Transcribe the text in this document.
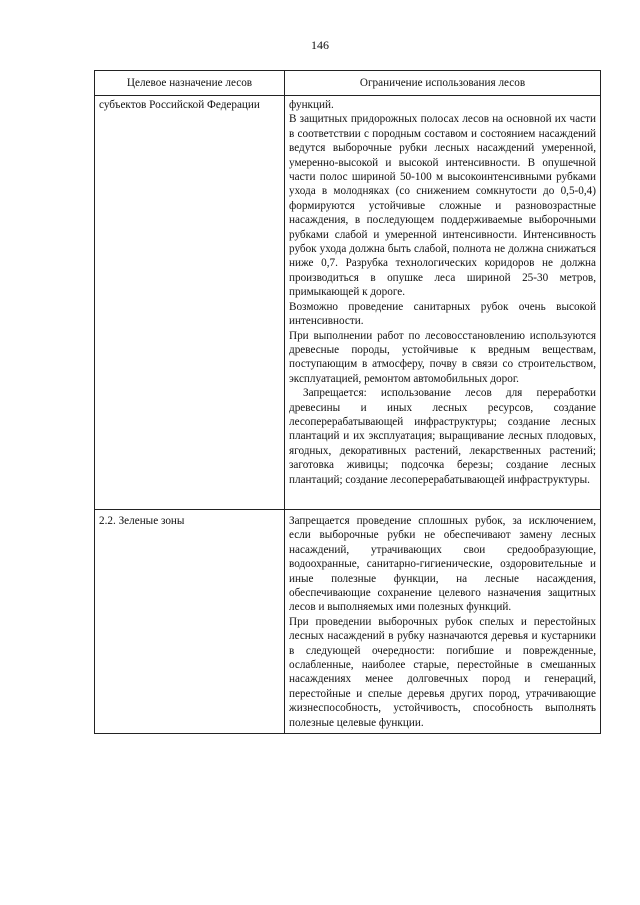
146
Целевое назначение лесов	Ограничение использования лесов
субъектов Российской Федерации	функций.

В защитных придорожных полосах лесов на основной их части в соответствии с породным составом и состоянием насаждений ведутся выборочные рубки лесных насаждений умеренной, умеренно-высокой и высокой интенсивности. В опушечной части полос шириной 50-100 м высокоинтенсивными рубками ухода в молодняках (со снижением сомкнутости до 0,5-0,4) формируются устойчивые сложные и разновозрастные насаждения, в последующем поддерживаемые выборочными рубками слабой и умеренной интенсивности. Интенсивность рубок ухода должна быть слабой, полнота не должна снижаться ниже 0,7. Разрубка технологических коридоров не должна производиться в опушке леса шириной 25-30 метров, примыкающей к дороге.

Возможно проведение санитарных рубок очень высокой интенсивности.

При выполнении работ по лесовосстановлению используются древесные породы, устойчивые к вредным веществам, поступающим в атмосферу, почву в связи со строительством, эксплуатацией, ремонтом автомобильных дорог.

Запрещается: использование лесов для переработки древесины и иных лесных ресурсов, создание лесоперерабатывающей инфраструктуры; создание лесных плантаций и их эксплуатация; выращивание лесных плодовых, ягодных, декоративных растений, лекарственных растений; заготовка живицы; подсочка березы; создание лесных плантаций; создание лесоперерабатывающей инфраструктуры.

2.2. Зеленые зоны	Запрещается проведение сплошных рубок, за исключением, если выборочные рубки не обеспечивают замену лесных насаждений, утрачивающих свои средообразующие, водоохранные, санитарно-гигиенические, оздоровительные и иные полезные функции, на лесные насаждения, обеспечивающие сохранение целевого назначения защитных лесов и выполняемых ими полезных функций.

При проведении выборочных рубок спелых и перестойных лесных насаждений в рубку назначаются деревья и кустарники в следующей очередности: погибшие и поврежденные, ослабленные, наиболее старые, перестойные в смешанных насаждениях менее долговечных пород и генераций, перестойные и спелые деревья других пород, утрачивающие жизнеспособность, устойчивость, способность выполнять полезные целевые функции.
